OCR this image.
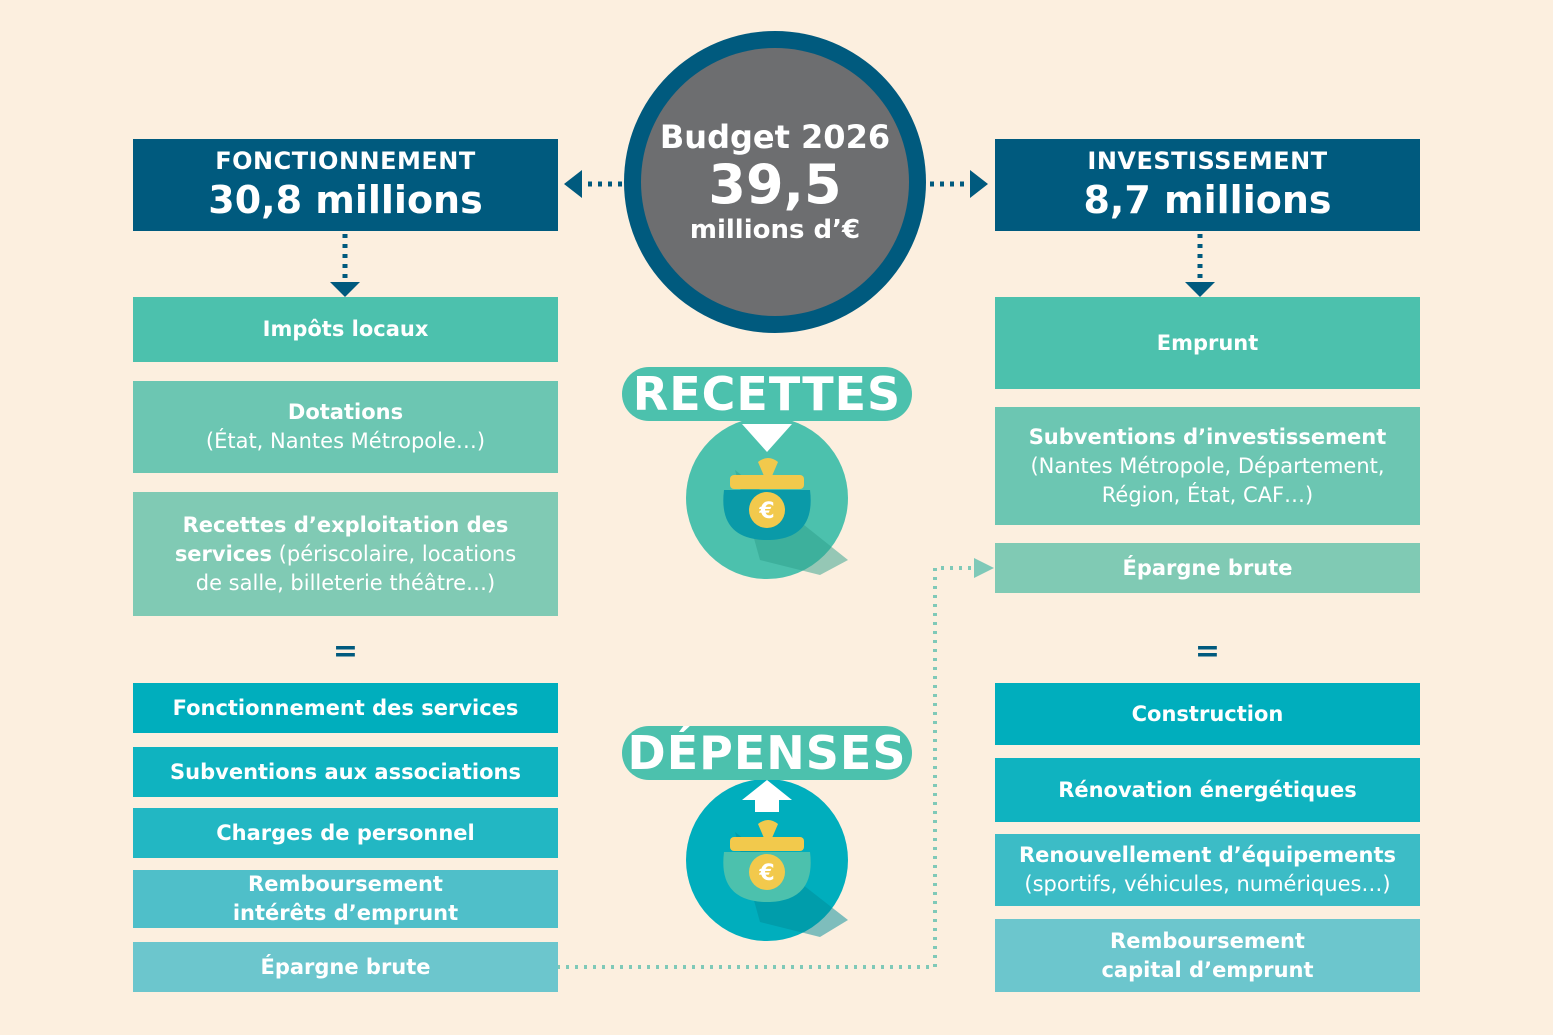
€
€
Budget 2026
39,5
millions d’€
FONCTIONNEMENT
30,8 millions
INVESTISSEMENT
8,7 millions
RECETTES
DÉPENSES
Impôts locaux
Dotations
(État, Nantes Métropole…)
Recettes d’exploitation des
services (périscolaire, locations
de salle, billeterie théâtre…)
Emprunt
Subventions d’investissement
(Nantes Métropole, Département,
Région, État, CAF…)
Épargne brute
=	=
Fonctionnement des services
Subventions aux associations
Charges de personnel
Remboursement
intérêts d’emprunt
Épargne brute
Construction
Rénovation énergétiques
Renouvellement d’équipements
(sportifs, véhicules, numériques…)
Remboursement
capital d’emprunt
